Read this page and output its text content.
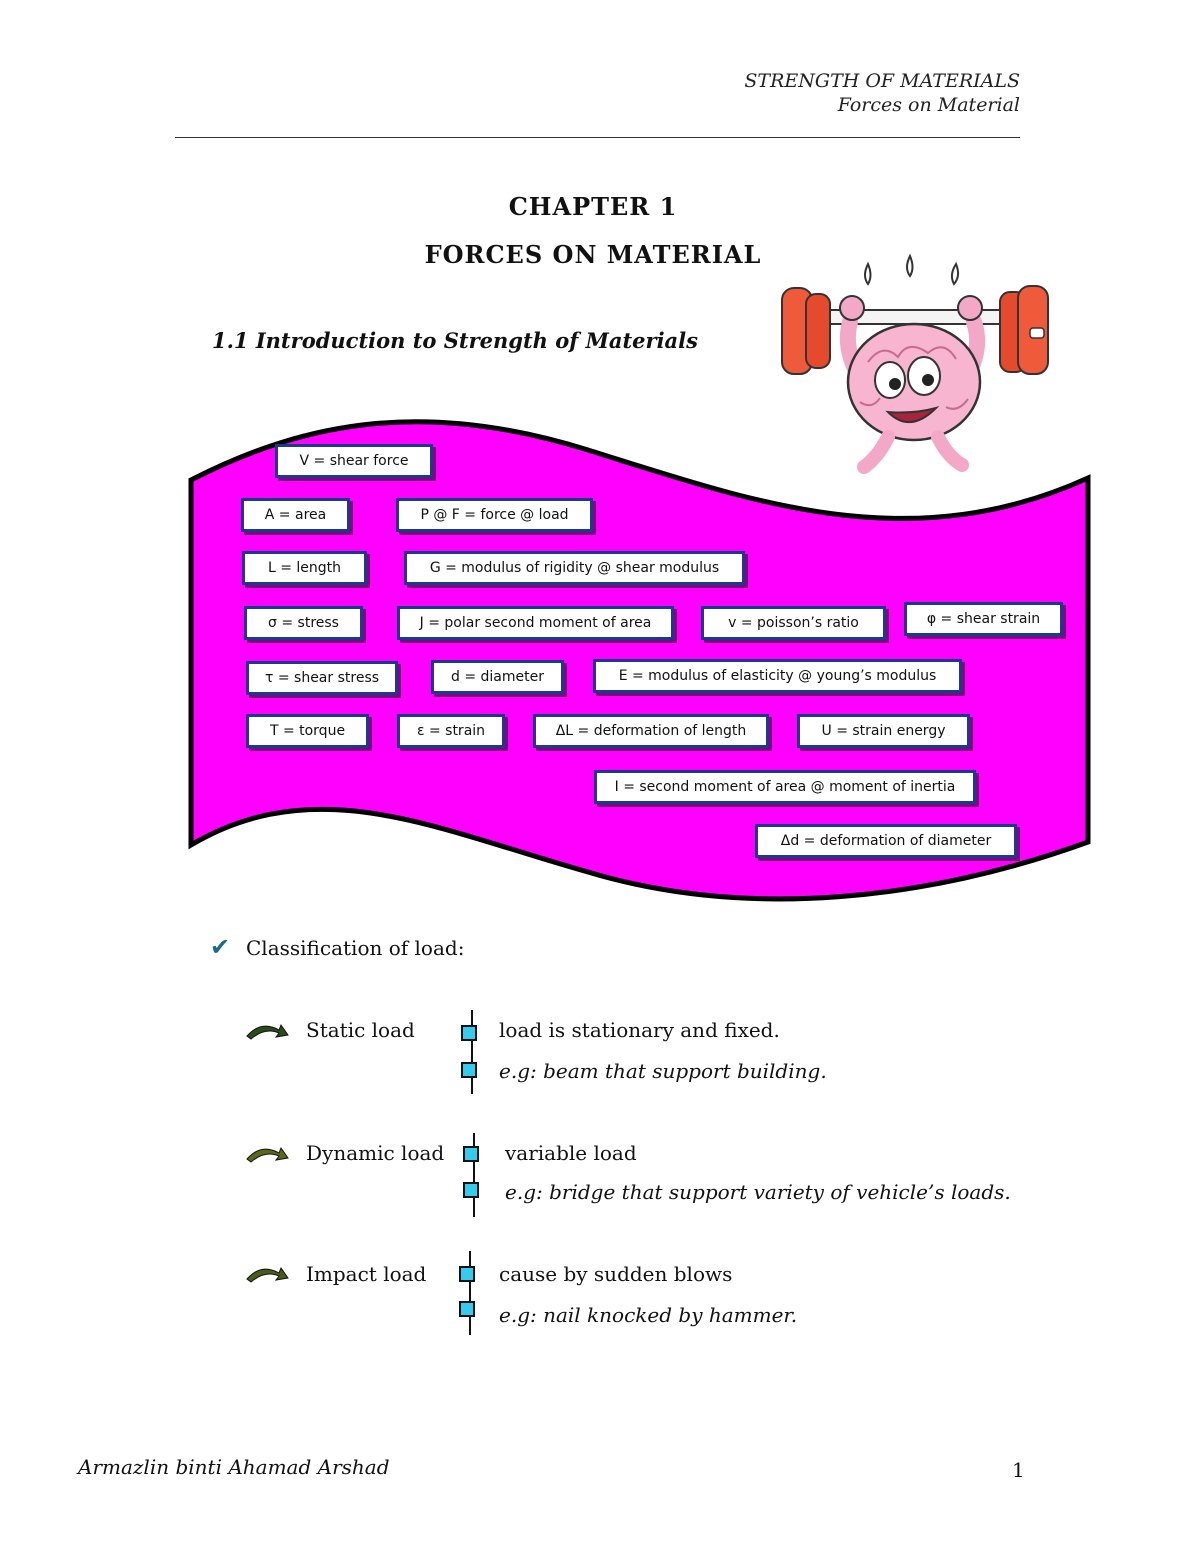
STRENGTH OF MATERIALS
Forces on Material
CHAPTER 1
FORCES ON MATERIAL
1.1 Introduction to Strength of Materials
V = shear force
A = area	P @ F = force @ load
L = length	G = modulus of rigidity @ shear modulus
σ = stress	J = polar second moment of area	v = poisson’s ratio	φ = shear strain
τ = shear stress	d = diameter	E = modulus of elasticity @ young’s modulus
T = torque	ε = strain	ΔL = deformation of length	U = strain energy
I = second moment of area @ moment of inertia
Δd = deformation of diameter
✔ Classification of load:
Static load	load is stationary and fixed.
e.g: beam that support building.
Dynamic load	variable load
e.g: bridge that support variety of vehicle’s loads.
Impact load	cause by sudden blows
e.g: nail knocked by hammer.
Armazlin binti Ahamad Arshad	1
